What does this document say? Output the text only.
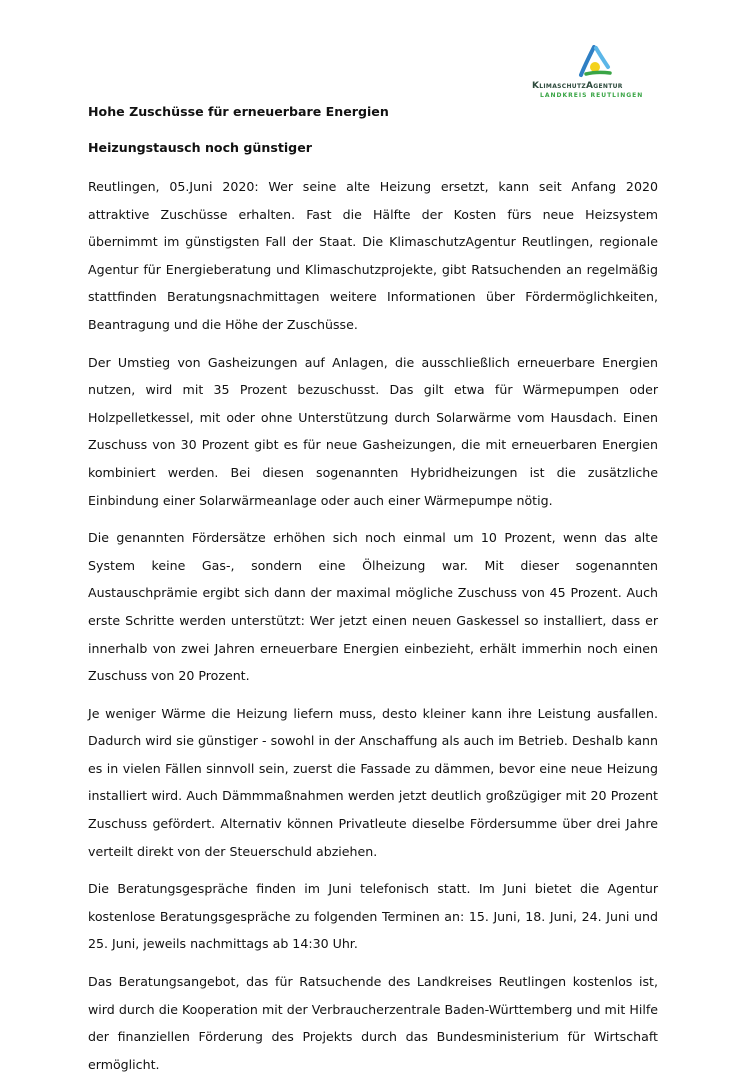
KlimaschutzAgentur
LANDKREIS REUTLINGEN
Hohe Zuschüsse für erneuerbare Energien
Heizungstausch noch günstiger

Reutlingen, 05.Juni 2020: Wer seine alte Heizung ersetzt, kann seit Anfang 2020 attraktive Zuschüsse erhalten. Fast die Hälfte der Kosten fürs neue Heizsystem übernimmt im günstigsten Fall der Staat. Die KlimaschutzAgentur Reutlingen, regionale Agentur für Energieberatung und Klimaschutzprojekte, gibt Ratsuchenden an regelmäßig stattfinden Beratungsnachmittagen weitere Informationen über Fördermöglichkeiten, Beantragung und die Höhe der Zuschüsse.

Der Umstieg von Gasheizungen auf Anlagen, die ausschließlich erneuerbare Energien nutzen, wird mit 35 Prozent bezuschusst. Das gilt etwa für Wärmepumpen oder Holzpelletkessel, mit oder ohne Unterstützung durch Solarwärme vom Hausdach. Einen Zuschuss von 30 Prozent gibt es für neue Gasheizungen, die mit erneuerbaren Energien kombiniert werden. Bei diesen sogenannten Hybridheizungen ist die zusätzliche Einbindung einer Solarwärmeanlage oder auch einer Wärmepumpe nötig.

Die genannten Fördersätze erhöhen sich noch einmal um 10 Prozent, wenn das alte System keine Gas-, sondern eine Ölheizung war. Mit dieser sogenannten Austauschprämie ergibt sich dann der maximal mögliche Zuschuss von 45 Prozent. Auch erste Schritte werden unterstützt: Wer jetzt einen neuen Gaskessel so installiert, dass er innerhalb von zwei Jahren erneuerbare Energien einbezieht, erhält immerhin noch einen Zuschuss von 20 Prozent.

Je weniger Wärme die Heizung liefern muss, desto kleiner kann ihre Leistung ausfallen. Dadurch wird sie günstiger - sowohl in der Anschaffung als auch im Betrieb. Deshalb kann es in vielen Fällen sinnvoll sein, zuerst die Fassade zu dämmen, bevor eine neue Heizung installiert wird. Auch Dämmmaßnahmen werden jetzt deutlich großzügiger mit 20 Prozent Zuschuss gefördert. Alternativ können Privatleute dieselbe Fördersumme über drei Jahre verteilt direkt von der Steuerschuld abziehen.

Die Beratungsgespräche finden im Juni telefonisch statt. Im Juni bietet die Agentur kostenlose Beratungsgespräche zu folgenden Terminen an: 15. Juni, 18. Juni, 24. Juni und 25. Juni, jeweils nachmittags ab 14:30 Uhr.

Das Beratungsangebot, das für Ratsuchende des Landkreises Reutlingen kostenlos ist, wird durch die Kooperation mit der Verbraucherzentrale Baden-Württemberg und mit Hilfe der finanziellen Förderung des Projekts durch das Bundesministerium für Wirtschaft ermöglicht.
